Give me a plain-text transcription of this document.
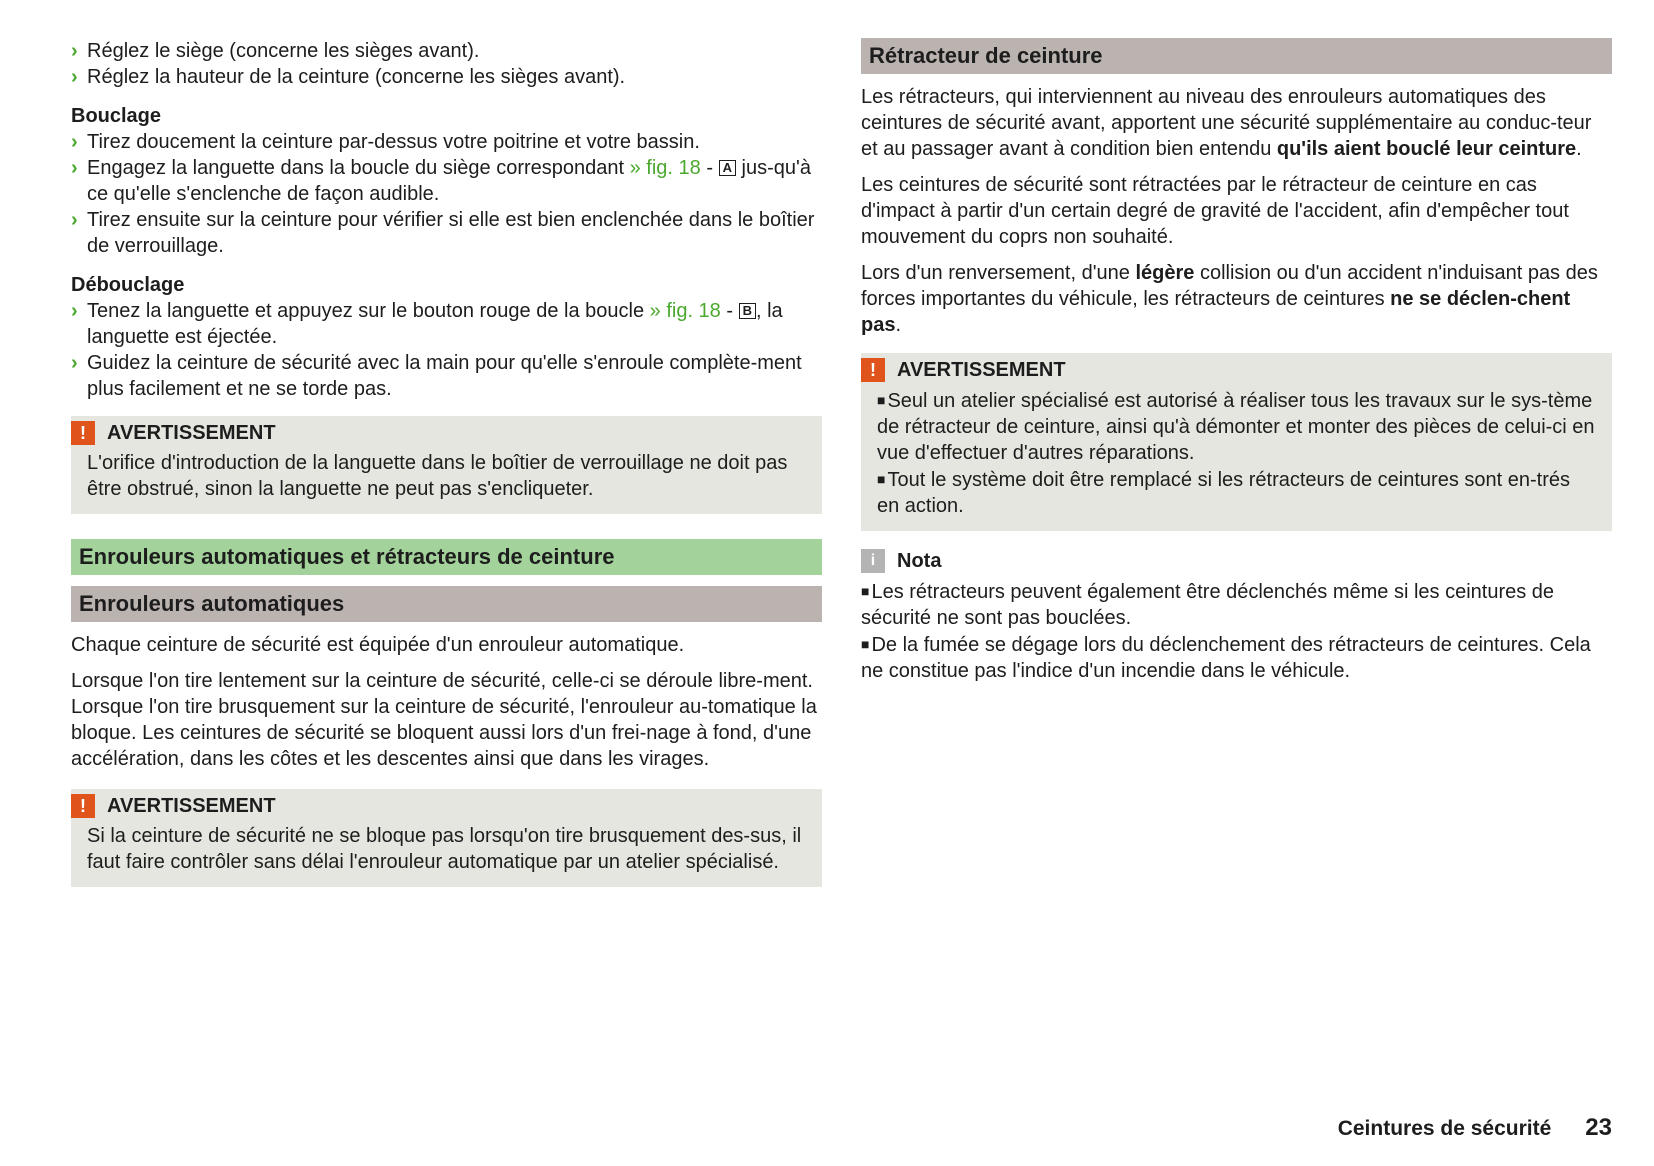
› Réglez le siège (concerne les sièges avant).
› Réglez la hauteur de la ceinture (concerne les sièges avant).
Bouclage
› Tirez doucement la ceinture par-dessus votre poitrine et votre bassin.
› Engagez la languette dans la boucle du siège correspondant » fig. 18 - A jus-qu'à ce qu'elle s'enclenche de façon audible.
› Tirez ensuite sur la ceinture pour vérifier si elle est bien enclenchée dans le boîtier de verrouillage.
Débouclage
› Tenez la languette et appuyez sur le bouton rouge de la boucle » fig. 18 - B , la languette est éjectée.
› Guidez la ceinture de sécurité avec la main pour qu'elle s'enroule complète-ment plus facilement et ne se torde pas.
!	AVERTISSEMENT
L'orifice d'introduction de la languette dans le boîtier de verrouillage ne doit pas être obstrué, sinon la languette ne peut pas s'encliqueter.
Enrouleurs automatiques et rétracteurs de ceinture
Enrouleurs automatiques
Chaque ceinture de sécurité est équipée d'un enrouleur automatique.
Lorsque l'on tire lentement sur la ceinture de sécurité, celle-ci se déroule libre-ment. Lorsque l'on tire brusquement sur la ceinture de sécurité, l'enrouleur au-tomatique la bloque. Les ceintures de sécurité se bloquent aussi lors d'un frei-nage à fond, d'une accélération, dans les côtes et les descentes ainsi que dans les virages.
!	AVERTISSEMENT
Si la ceinture de sécurité ne se bloque pas lorsqu'on tire brusquement des-sus, il faut faire contrôler sans délai l'enrouleur automatique par un atelier spécialisé.
Rétracteur de ceinture
Les rétracteurs, qui interviennent au niveau des enrouleurs automatiques des ceintures de sécurité avant, apportent une sécurité supplémentaire au conduc-teur et au passager avant à condition bien entendu qu'ils aient bouclé leur ceinture.
Les ceintures de sécurité sont rétractées par le rétracteur de ceinture en cas d'impact à partir d'un certain degré de gravité de l'accident, afin d'empêcher tout mouvement du coprs non souhaité.
Lors d'un renversement, d'une légère collision ou d'un accident n'induisant pas des forces importantes du véhicule, les rétracteurs de ceintures ne se déclen-chent pas.
!	AVERTISSEMENT
■ Seul un atelier spécialisé est autorisé à réaliser tous les travaux sur le sys-tème de rétracteur de ceinture, ainsi qu'à démonter et monter des pièces de celui-ci en vue d'effectuer d'autres réparations.
■ Tout le système doit être remplacé si les rétracteurs de ceintures sont en-trés en action.
i	Nota
■ Les rétracteurs peuvent également être déclenchés même si les ceintures de sécurité ne sont pas bouclées.
■ De la fumée se dégage lors du déclenchement des rétracteurs de ceintures. Cela ne constitue pas l'indice d'un incendie dans le véhicule.
Ceintures de sécurité 23
